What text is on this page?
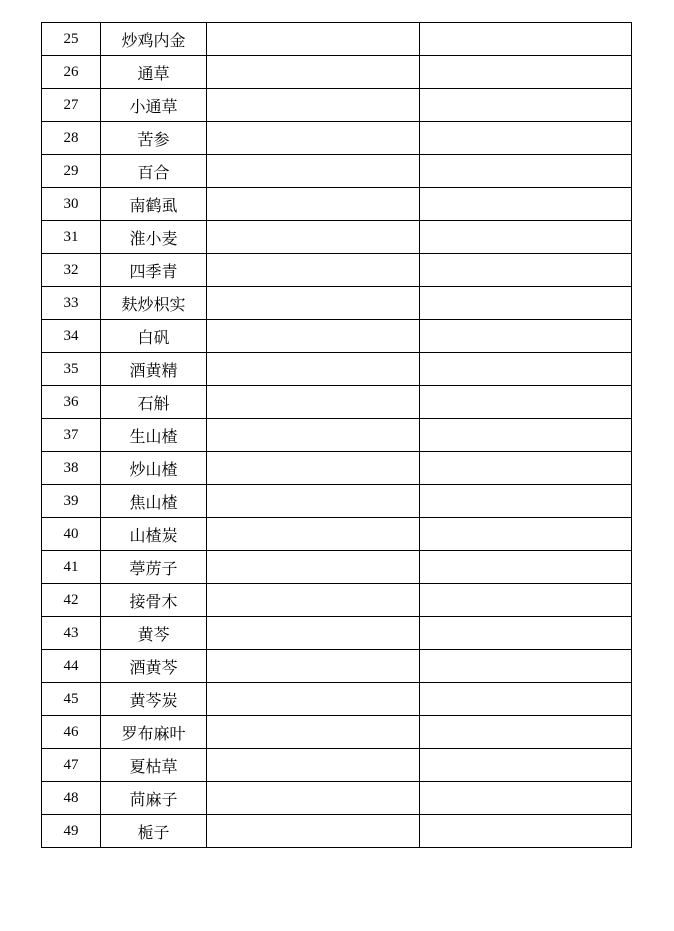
25	炒鸡内金		
26	通草		
27	小通草		
28	苦参		
29	百合		
30	南鹤虱		
31	淮小麦		
32	四季青		
33	麸炒枳实		
34	白矾		
35	酒黄精		
36	石斛		
37	生山楂		
38	炒山楂		
39	焦山楂		
40	山楂炭		
41	葶苈子		
42	接骨木		
43	黄芩		
44	酒黄芩		
45	黄芩炭		
46	罗布麻叶		
47	夏枯草		
48	苘麻子		
49	栀子		
